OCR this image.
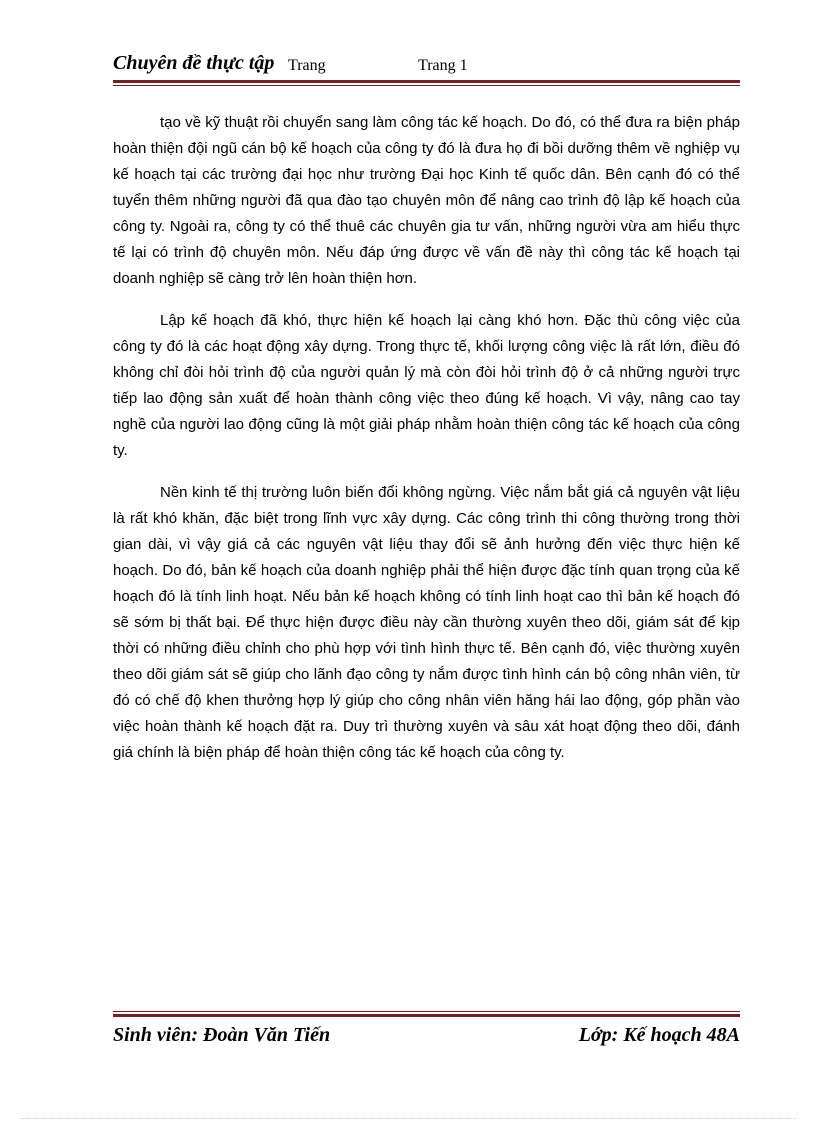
Chuyên đề thực tập Trang	Trang 1

tạo về kỹ thuật rồi chuyển sang làm công tác kế hoạch. Do đó, có thể đưa ra biện pháp hoàn thiện đội ngũ cán bộ kế hoạch của công ty đó là đưa họ đi bồi dưỡng thêm về nghiệp vụ kế hoạch tại các trường đại học như trường Đại học Kinh tế quốc dân. Bên cạnh đó có thể tuyển thêm những người đã qua đào tạo chuyên môn để nâng cao trình độ lập kế hoạch của công ty. Ngoài ra, công ty có thể thuê các chuyên gia tư vấn, những người vừa am hiểu thực tế lại có trình độ chuyên môn. Nếu đáp ứng được về vấn đề này thì công tác kế hoạch tại doanh nghiệp sẽ càng trở lên hoàn thiện hơn.

Lập kế hoạch đã khó, thực hiện kế hoạch lại càng khó hơn. Đặc thù công việc của công ty đó là các hoạt động xây dựng. Trong thực tế, khối lượng công việc là rất lớn, điều đó không chỉ đòi hỏi trình độ của người quản lý mà còn đòi hỏi trình độ ở cả những người trực tiếp lao động sản xuất để hoàn thành công việc theo đúng kế hoạch. Vì vậy, nâng cao tay nghề của người lao động cũng là một giải pháp nhằm hoàn thiện công tác kế hoạch của công ty.

Nền kinh tế thị trường luôn biến đổi không ngừng. Việc nắm bắt giá cả nguyên vật liệu là rất khó khăn, đặc biệt trong lĩnh vực xây dựng. Các công trình thi công thường trong thời gian dài, vì vậy giá cả các nguyên vật liệu thay đổi sẽ ảnh hưởng đến việc thực hiện kế hoạch. Do đó, bản kế hoạch của doanh nghiệp phải thể hiện được đặc tính quan trọng của kế hoạch đó là tính linh hoạt. Nếu bản kế hoạch không có tính linh hoạt cao thì bản kế hoạch đó sẽ sớm bị thất bại. Để thực hiện được điều này cần thường xuyên theo dõi, giám sát để kịp thời có những điều chỉnh cho phù hợp với tình hình thực tế. Bên cạnh đó, việc thường xuyên theo dõi giám sát sẽ giúp cho lãnh đạo công ty nắm được tình hình cán bộ công nhân viên, từ đó có chế độ khen thưởng hợp lý giúp cho công nhân viên hăng hái lao động, góp phần vào việc hoàn thành kế hoạch đặt ra. Duy trì thường xuyên và sâu xát hoạt động theo dõi, đánh giá chính là biện pháp để hoàn thiện công tác kế hoạch của công ty.

Sinh viên: Đoàn Văn Tiến	Lớp: Kế hoạch 48A
